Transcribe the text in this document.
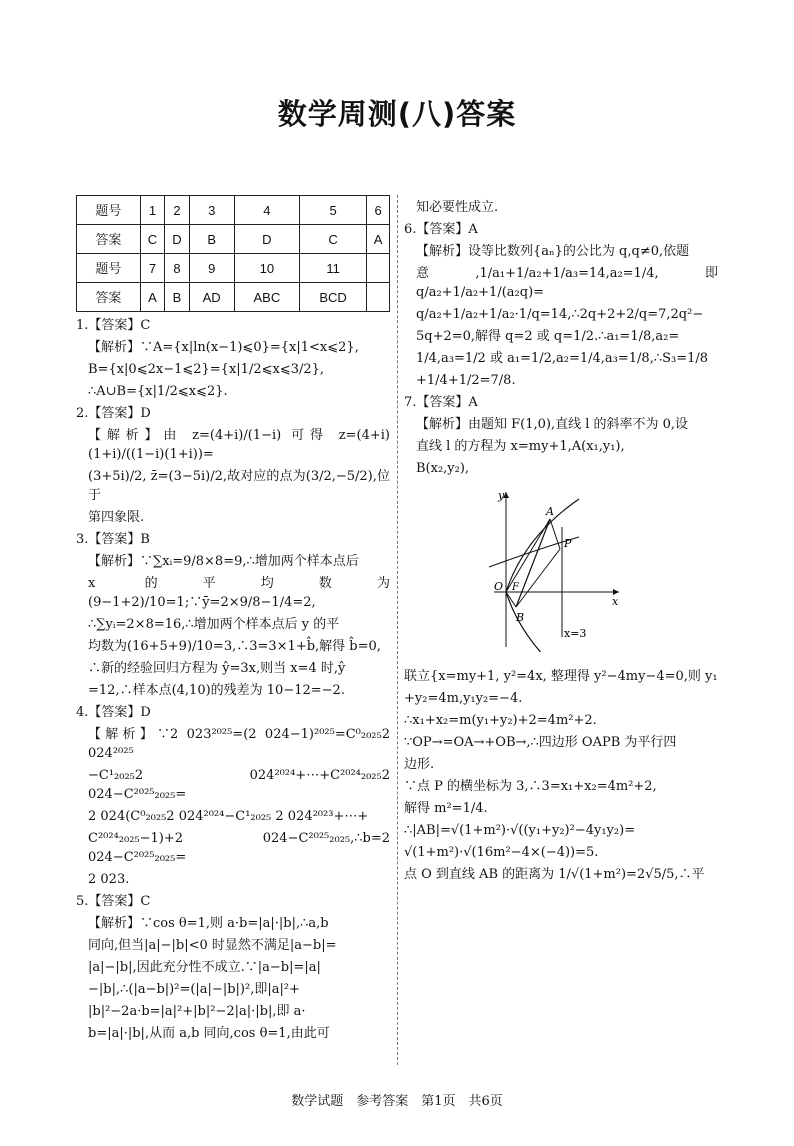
数学周测(八)答案
题号	1	2	3	4	5	6
答案	C	D	B	D	C	A
题号	7	8	9	10	11	
答案	A	B	AD	ABC	BCD	
1.【答案】C
【解析】∵A={x|ln(x−1)⩽0}={x|1<x⩽2},
B={x|0⩽2x−1⩽2}={x|1/2⩽x⩽3/2},
∴A∪B={x|1/2⩽x⩽2}.
2.【答案】D
【解析】由 z=(4+i)/(1−i) 可得 z=(4+i)(1+i)/((1−i)(1+i))=
(3+5i)/2, z̄=(3−5i)/2,故对应的点为(3/2,−5/2),位于
第四象限.
3.【答案】B
【解析】∵∑xᵢ=9/8×8=9,∴增加两个样本点后
x 的平均数为(9−1+2)/10=1;∵ȳ=2×9/8−1/4=2,
∴∑yᵢ=2×8=16,∴增加两个样本点后 y 的平
均数为(16+5+9)/10=3,∴3=3×1+b̂,解得 b̂=0,
∴新的经验回归方程为 ŷ=3x,则当 x=4 时,ŷ
=12,∴样本点(4,10)的残差为 10−12=−2.
4.【答案】D
【解析】∵2 023²⁰²⁵=(2 024−1)²⁰²⁵=C⁰₂₀₂₅2 024²⁰²⁵
−C¹₂₀₂₅2 024²⁰²⁴+⋯+C²⁰²⁴₂₀₂₅2 024−C²⁰²⁵₂₀₂₅=
2 024(C⁰₂₀₂₅2 024²⁰²⁴−C¹₂₀₂₅ 2 024²⁰²³+⋯+
C²⁰²⁴₂₀₂₅−1)+2 024−C²⁰²⁵₂₀₂₅,∴b=2 024−C²⁰²⁵₂₀₂₅=
2 023.
5.【答案】C
【解析】∵cos θ=1,则 a·b=|a|·|b|,∴a,b
同向,但当|a|−|b|<0 时显然不满足|a−b|=
|a|−|b|,因此充分性不成立.∵|a−b|=|a|
−|b|,∴(|a−b|)²=(|a|−|b|)²,即|a|²+
|b|²−2a·b=|a|²+|b|²−2|a|·|b|,即 a·
b=|a|·|b|,从而 a,b 同向,cos θ=1,由此可
知必要性成立.
6.【答案】A
【解析】设等比数列{aₙ}的公比为 q,q≠0,依题
意,1/a₁+1/a₂+1/a₃=14,a₂=1/4,即 q/a₂+1/a₂+1/(a₂q)=
q/a₂+1/a₂+1/a₂·1/q=14,∴2q+2+2/q=7,2q²−
5q+2=0,解得 q=2 或 q=1/2.∴a₁=1/8,a₂=
1/4,a₃=1/2 或 a₁=1/2,a₂=1/4,a₃=1/8,∴S₃=1/8
+1/4+1/2=7/8.
7.【答案】A
【解析】由题知 F(1,0),直线 l 的斜率不为 0,设
直线 l 的方程为 x=my+1,A(x₁,y₁),
B(x₂,y₂),
y
x
O F
A
B
P
x=3
联立{x=my+1, y²=4x, 整理得 y²−4my−4=0,则 y₁
+y₂=4m,y₁y₂=−4.
∴x₁+x₂=m(y₁+y₂)+2=4m²+2.
∵OP→=OA→+OB→,∴四边形 OAPB 为平行四
边形.
∵点 P 的横坐标为 3,∴3=x₁+x₂=4m²+2,
解得 m²=1/4.
∴|AB|=√(1+m²)·√((y₁+y₂)²−4y₁y₂)=
√(1+m²)·√(16m²−4×(−4))=5.
点 O 到直线 AB 的距离为 1/√(1+m²)=2√5/5,∴平
数学试题　参考答案　第1页　共6页
